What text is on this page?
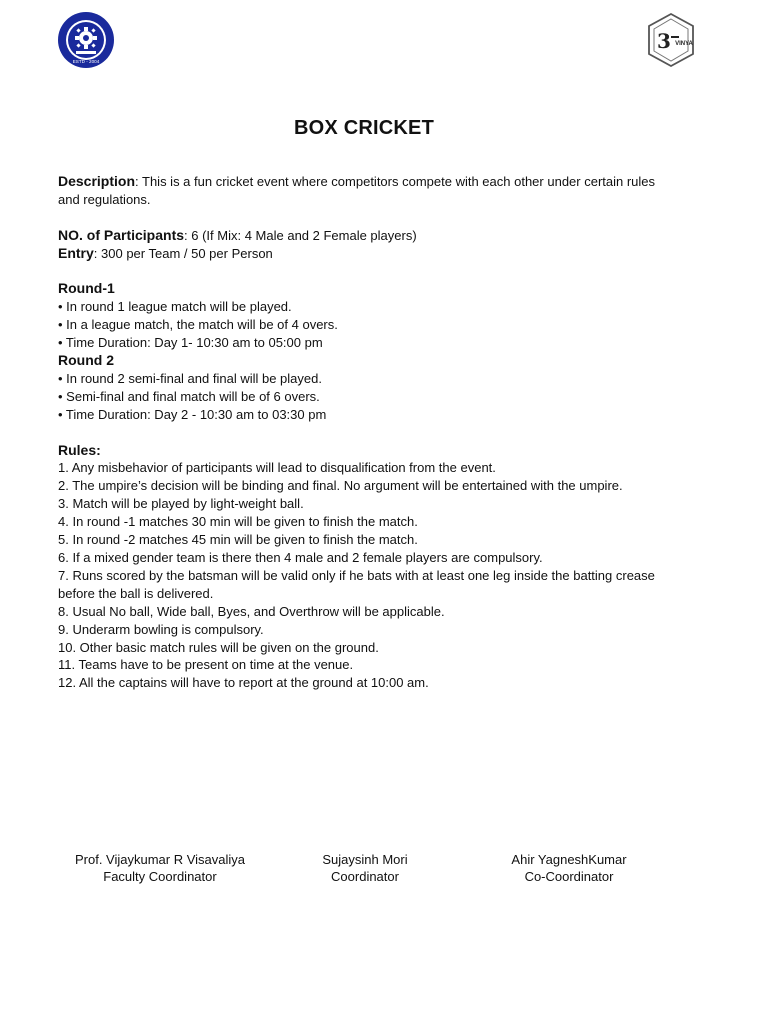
ESTD - 2004
3 VINYA
BOX CRICKET

Description: This is a fun cricket event where competitors compete with each other under certain rules and regulations.

NO. of Participants: 6 (If Mix: 4 Male and 2 Female players)

Entry: 300 per Team / 50 per Person

Round-1

• In round 1 league match will be played.

• In a league match, the match will be of 4 overs.

• Time Duration: Day 1- 10:30 am to 05:00 pm

Round 2

• In round 2 semi-final and final will be played.

• Semi-final and final match will be of 6 overs.

• Time Duration: Day 2 - 10:30 am to 03:30 pm

Rules:

1. Any misbehavior of participants will lead to disqualification from the event.

2. The umpire’s decision will be binding and final. No argument will be entertained with the umpire.

3. Match will be played by light-weight ball.

4. In round -1 matches 30 min will be given to finish the match.

5. In round -2 matches 45 min will be given to finish the match.

6. If a mixed gender team is there then 4 male and 2 female players are compulsory.

7. Runs scored by the batsman will be valid only if he bats with at least one leg inside the batting crease before the ball is delivered.

8. Usual No ball, Wide ball, Byes, and Overthrow will be applicable.

9. Underarm bowling is compulsory.

10. Other basic match rules will be given on the ground.

11. Teams have to be present on time at the venue.

12. All the captains will have to report at the ground at 10:00 am.

Prof. Vijaykumar R Visavaliya
Faculty Coordinator
Sujaysinh Mori
Coordinator
Ahir YagneshKumar
Co-Coordinator
